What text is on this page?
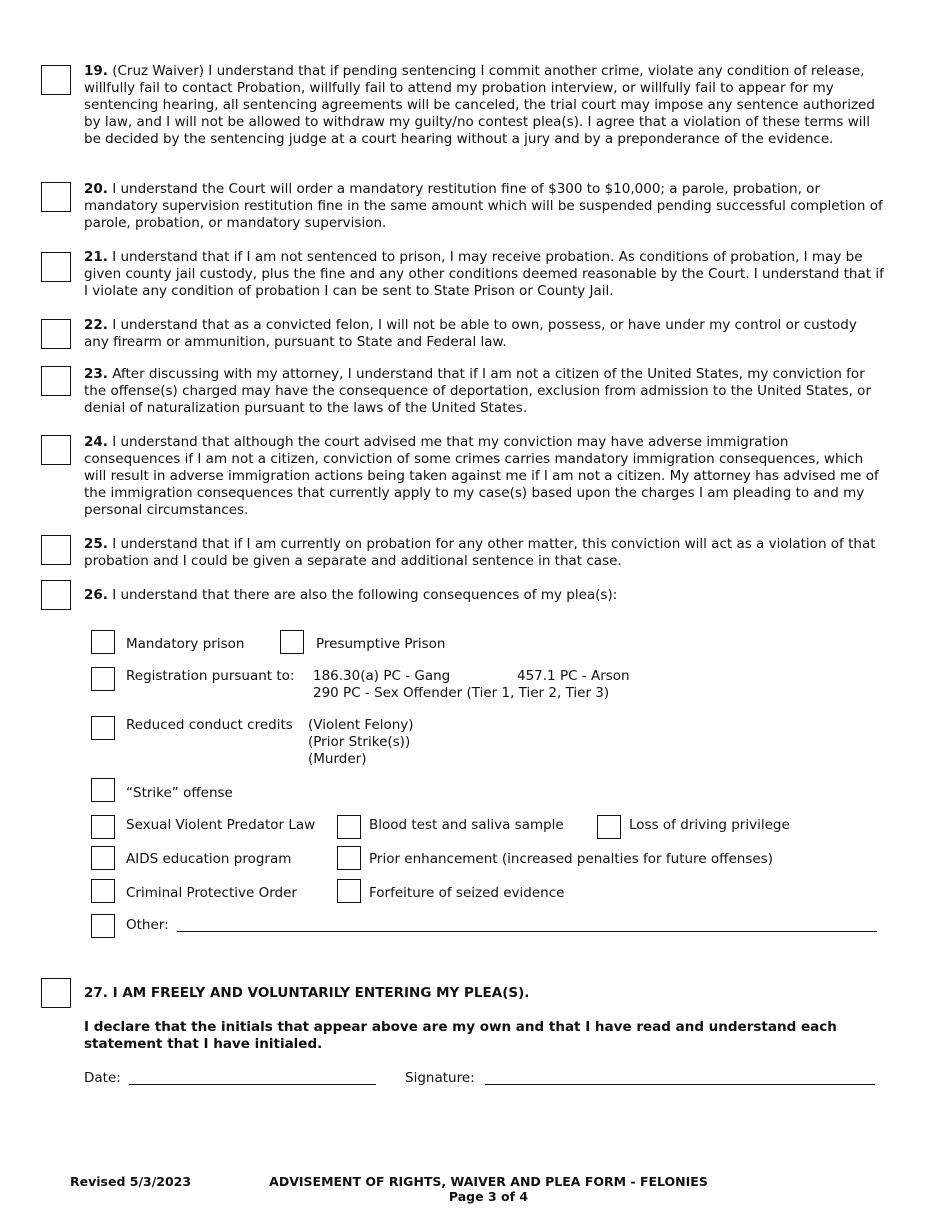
19. (Cruz Waiver) I understand that if pending sentencing I commit another crime, violate any condition of release, willfully fail to contact Probation, willfully fail to attend my probation interview, or willfully fail to appear for my sentencing hearing, all sentencing agreements will be canceled, the trial court may impose any sentence authorized by law, and I will not be allowed to withdraw my guilty/no contest plea(s). I agree that a violation of these terms will be decided by the sentencing judge at a court hearing without a jury and by a preponderance of the evidence.

20. I understand the Court will order a mandatory restitution fine of $300 to $10,000; a parole, probation, or mandatory supervision restitution fine in the same amount which will be suspended pending successful completion of parole, probation, or mandatory supervision.

21. I understand that if I am not sentenced to prison, I may receive probation. As conditions of probation, I may be given county jail custody, plus the fine and any other conditions deemed reasonable by the Court. I understand that if I violate any condition of probation I can be sent to State Prison or County Jail.

22. I understand that as a convicted felon, I will not be able to own, possess, or have under my control or custody any firearm or ammunition, pursuant to State and Federal law.

23. After discussing with my attorney, I understand that if I am not a citizen of the United States, my conviction for the offense(s) charged may have the consequence of deportation, exclusion from admission to the United States, or denial of naturalization pursuant to the laws of the United States.

24. I understand that although the court advised me that my conviction may have adverse immigration consequences if I am not a citizen, conviction of some crimes carries mandatory immigration consequences, which will result in adverse immigration actions being taken against me if I am not a citizen. My attorney has advised me of the immigration consequences that currently apply to my case(s) based upon the charges I am pleading to and my personal circumstances.

25. I understand that if I am currently on probation for any other matter, this conviction will act as a violation of that probation and I could be given a separate and additional sentence in that case.

26. I understand that there are also the following consequences of my plea(s):

Mandatory prison	Presumptive Prison
Registration pursuant to: 186.30(a) PC - Gang	457.1 PC - Arson
290 PC - Sex Offender (Tier 1, Tier 2, Tier 3)
Reduced conduct credits (Violent Felony)
(Prior Strike(s))
(Murder)
“Strike” offense
Sexual Violent Predator Law	Blood test and saliva sample	Loss of driving privilege
AIDS education program	Prior enhancement (increased penalties for future offenses)
Criminal Protective Order	Forfeiture of seized evidence
Other:
27. I AM FREELY AND VOLUNTARILY ENTERING MY PLEA(S).

I declare that the initials that appear above are my own and that I have read and understand each statement that I have initialed.

Date:	Signature:
Revised 5/3/2023	ADVISEMENT OF RIGHTS, WAIVER AND PLEA FORM - FELONIES
Page 3 of 4
